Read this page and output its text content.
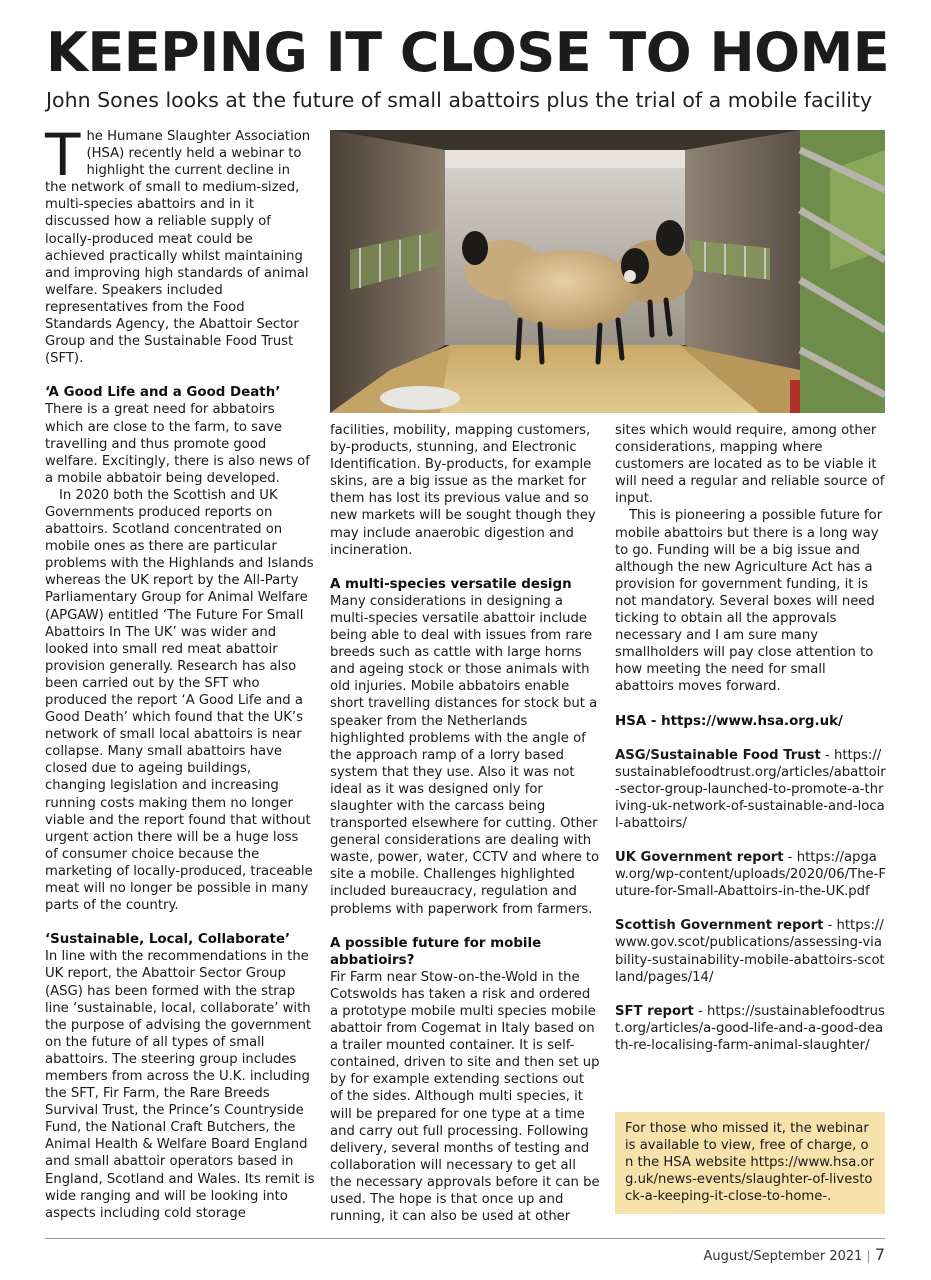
KEEPING IT CLOSE TO HOME

John Sones looks at the future of small abattoirs plus the trial of a mobile facility

The Humane Slaughter Association (HSA) recently held a webinar to highlight the current decline in the network of small to medium-sized, multi-species abattoirs and in it discussed how a reliable supply of locally-produced meat could be achieved practically whilst maintaining and improving high standards of animal welfare. Speakers included representatives from the Food Standards Agency, the Abattoir Sector Group and the Sustainable Food Trust (SFT).

‘A Good Life and a Good Death’

There is a great need for abbatoirs which are close to the farm, to save travelling and thus promote good welfare. Excitingly, there is also news of a mobile abbatoir being developed.

In 2020 both the Scottish and UK Governments produced reports on abattoirs. Scotland concentrated on mobile ones as there are particular problems with the Highlands and Islands whereas the UK report by the All-Party Parliamentary Group for Animal Welfare (APGAW) entitled ‘The Future For Small Abattoirs In The UK’ was wider and looked into small red meat abattoir provision generally. Research has also been carried out by the SFT who produced the report ‘A Good Life and a Good Death’ which found that the UK’s network of small local abattoirs is near collapse. Many small abattoirs have closed due to ageing buildings, changing legislation and increasing running costs making them no longer viable and the report found that without urgent action there will be a huge loss of consumer choice because the marketing of locally-produced, traceable meat will no longer be possible in many parts of the country.

‘Sustainable, Local, Collaborate’

In line with the recommendations in the UK report, the Abattoir Sector Group (ASG) has been formed with the strap line ‘sustainable, local, collaborate’ with the purpose of advising the government on the future of all types of small abattoirs. The steering group includes members from across the U.K. including the SFT, Fir Farm, the Rare Breeds Survival Trust, the Prince’s Countryside Fund, the National Craft Butchers, the Animal Health & Welfare Board England and small abattoir operators based in England, Scotland and Wales. Its remit is wide ranging and will be looking into aspects including cold storage

facilities, mobility, mapping customers, by-products, stunning, and Electronic Identification. By-products, for example skins, are a big issue as the market for them has lost its previous value and so new markets will be sought though they may include anaerobic digestion and incineration.

A multi-species versatile design

Many considerations in designing a multi-species versatile abattoir include being able to deal with issues from rare breeds such as cattle with large horns and ageing stock or those animals with old injuries. Mobile abbatoirs enable short travelling distances for stock but a speaker from the Netherlands highlighted problems with the angle of the approach ramp of a lorry based system that they use. Also it was not ideal as it was designed only for slaughter with the carcass being transported elsewhere for cutting. Other general considerations are dealing with waste, power, water, CCTV and where to site a mobile. Challenges highlighted included bureaucracy, regulation and problems with paperwork from farmers.

A possible future for mobile abbatioirs?

Fir Farm near Stow-on-the-Wold in the Cotswolds has taken a risk and ordered a prototype mobile multi species mobile abattoir from Cogemat in Italy based on a trailer mounted container. It is self-contained, driven to site and then set up by for example extending sections out of the sides. Although multi species, it will be prepared for one type at a time and carry out full processing. Following delivery, several months of testing and collaboration will necessary to get all the necessary approvals before it can be used. The hope is that once up and running, it can also be used at other

sites which would require, among other considerations, mapping where customers are located as to be viable it will need a regular and reliable source of input.

This is pioneering a possible future for mobile abattoirs but there is a long way to go. Funding will be a big issue and although the new Agriculture Act has a provision for government funding, it is not mandatory. Several boxes will need ticking to obtain all the approvals necessary and I am sure many smallholders will pay close attention to how meeting the need for small abattoirs moves forward.

HSA - https://www.hsa.org.uk/

ASG/Sustainable Food Trust - https://sustainablefoodtrust.org/articles/abattoir-sector-group-launched-to-promote-a-thriving-uk-network-of-sustainable-and-local-abattoirs/

UK Government report - https://apgaw.org/wp-content/uploads/2020/06/The-Future-for-Small-Abattoirs-in-the-UK.pdf

Scottish Government report - https://www.gov.scot/publications/assessing-viability-sustainability-mobile-abattoirs-scotland/pages/14/

SFT report - https://sustainablefoodtrust.org/articles/a-good-life-and-a-good-death-re-localising-farm-animal-slaughter/

For those who missed it, the webinar is available to view, free of charge, on the HSA website https://www.hsa.org.uk/news-events/slaughter-of-livestock-a-keeping-it-close-to-home-.
August/September 2021 | 7
